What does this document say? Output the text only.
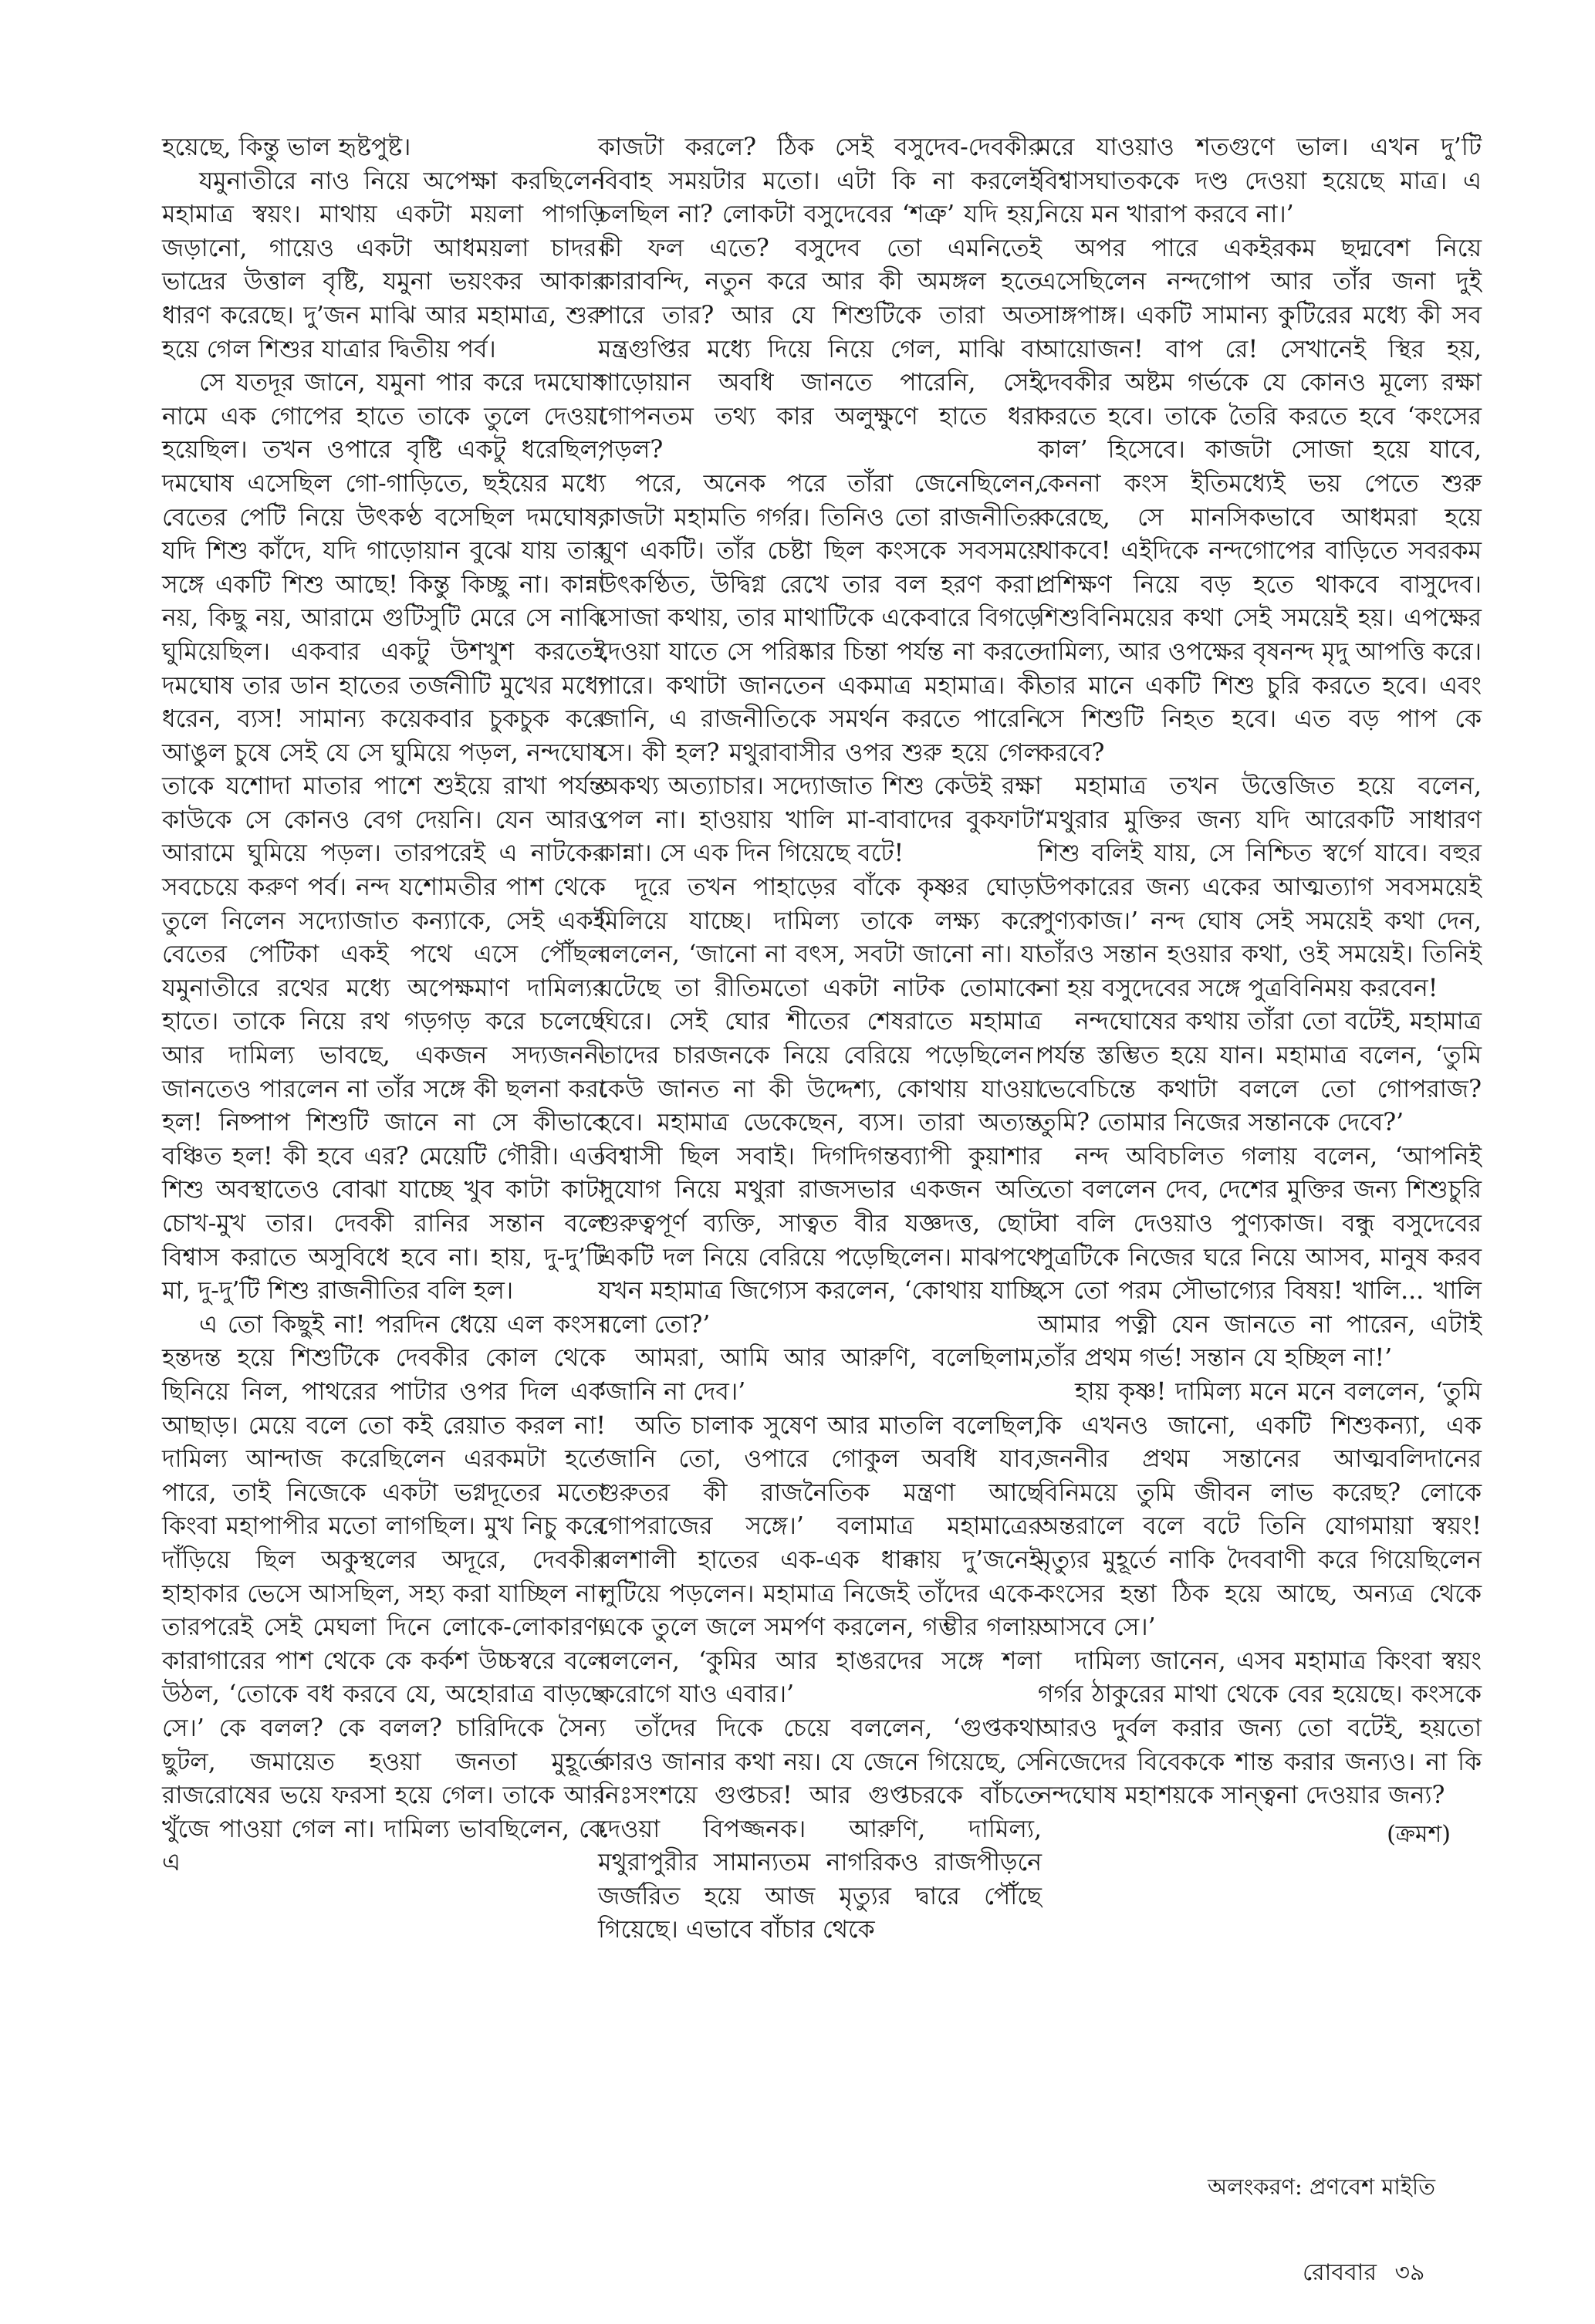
হয়েছে, কিন্তু ভাল হৃষ্টপুষ্ট।

যমুনাতীরে নাও নিয়ে অপেক্ষা করছিলেন মহামাত্র স্বয়ং। মাথায় একটা ময়লা পাগড়ি জড়ানো, গায়েও একটা আধময়লা চাদর। ভাদ্রের উত্তাল বৃষ্টি, যমুনা ভয়ংকর আকার ধারণ করেছে। দু’জন মাঝি আর মহামাত্র, শুরু হয়ে গেল শিশুর যাত্রার দ্বিতীয় পর্ব।

সে যতদূর জানে, যমুনা পার করে দমঘোষ নামে এক গোপের হাতে তাকে তুলে দেওয়া হয়েছিল। তখন ওপারে বৃষ্টি একটু ধরেছিল, দমঘোষ এসেছিল গো-গাড়িতে, ছইয়ের মধ্যে বেতের পেটি নিয়ে উৎকণ্ঠ বসেছিল দমঘোষ, যদি শিশু কাঁদে, যদি গাড়োয়ান বুঝে যায় তার সঙ্গে একটি শিশু আছে! কিন্তু কিচ্ছু না। কান্না নয়, কিছু নয়, আরামে গুটিসুটি মেরে সে নাকি ঘুমিয়েছিল। একবার একটু উশখুশ করতেই দমঘোষ তার ডান হাতের তর্জনীটি মুখের মধ্যে ধরেন, ব্যস! সামান্য কয়েকবার চুকচুক করে আঙুল চুষে সেই যে সে ঘুমিয়ে পড়ল, নন্দঘোষ তাকে যশোদা মাতার পাশে শুইয়ে রাখা পর্যন্ত কাউকে সে কোনও বেগ দেয়নি। যেন আরও আরামে ঘুমিয়ে পড়ল। তারপরেই এ নাটকের সবচেয়ে করুণ পর্ব। নন্দ যশোমতীর পাশ থেকে তুলে নিলেন সদ্যোজাত কন্যাকে, সেই একই বেতের পেটিকা একই পথে এসে পৌঁছল যমুনাতীরে রথের মধ্যে অপেক্ষমাণ দামিল্যর হাতে। তাকে নিয়ে রথ গড়গড় করে চলেছে আর দামিল্য ভাবছে, একজন সদ্যজননী জানতেও পারলেন না তাঁর সঙ্গে কী ছলনা করা হল! নিষ্পাপ শিশুটি জানে না সে কীভাবে বঞ্চিত হল! কী হবে এর? মেয়েটি গৌরী। এত শিশু অবস্থাতেও বোঝা যাচ্ছে খুব কাটা কাটা চোখ-মুখ তার। দেবকী রানির সন্তান বলে বিশ্বাস করাতে অসুবিধে হবে না। হায়, দু-দু’টি মা, দু-দু’টি শিশু রাজনীতির বলি হল।

এ তো কিছুই না! পরদিন ধেয়ে এল কংস। হন্তদন্ত হয়ে শিশুটিকে দেবকীর কোল থেকে ছিনিয়ে নিল, পাথরের পাটার ওপর দিল এক আছাড়। মেয়ে বলে তো কই রেয়াত করল না! দামিল্য আন্দাজ করেছিলেন এরকমটা হতে পারে, তাই নিজেকে একটা ভগ্নদূতের মতো কিংবা মহাপাপীর মতো লাগছিল। মুখ নিচু করে দাঁড়িয়ে ছিল অকুস্থলের অদূরে, দেবকীর হাহাকার ভেসে আসছিল, সহ্য করা যাচ্ছিল না। তারপরেই সেই মেঘলা দিনে লোকে-লোকারণ্য কারাগারের পাশ থেকে কে কর্কশ উচ্চস্বরে বলে উঠল, ‘তোকে বধ করবে যে, অহোরাত্র বাড়ছে সে।’ কে বলল? কে বলল? চারিদিকে সৈন্য ছুটল, জমায়েত হওয়া জনতা মুহূর্তে রাজরোষের ভয়ে ফরসা হয়ে গেল। তাকে আর খুঁজে পাওয়া গেল না। দামিল্য ভাবছিলেন, কে এ

কাজটা করলে? ঠিক সেই বসুদেব-দেবকীর বিবাহ সময়টার মতো। এটা কি না করলেই চলছিল না? লোকটা বসুদেবের ‘শত্রু’ যদি হয়, কী ফল এতে? বসুদেব তো এমনিতেই কারাবন্দি, নতুন করে আর কী অমঙ্গল হতে পারে তার? আর যে শিশুটিকে তারা অত মন্ত্রগুপ্তির মধ্যে দিয়ে নিয়ে গেল, মাঝি বা গাড়োয়ান অবধি জানতে পারেনি, সেই গোপনতম তথ্য কার অলুক্ষুণে হাতে ধরা পড়ল?

পরে, অনেক পরে তাঁরা জেনেছিলেন, কাজটা মহামতি গর্গর। তিনিও তো রাজনীতির ঘুণ একটি। তাঁর চেষ্টা ছিল কংসকে সবসময়ে উৎকণ্ঠিত, উদ্বিগ্ন রেখে তার বল হরণ করা। সোজা কথায়, তার মাথাটিকে একেবারে বিগড়ে দেওয়া যাতে সে পরিষ্কার চিন্তা পর্যন্ত না করতে পারে। কথাটা জানতেন একমাত্র মহামাত্র। কী জানি, এ রাজনীতিকে সমর্থন করতে পারেনি সে। কী হল? মথুরাবাসীর ওপর শুরু হয়ে গেল অকথ্য অত্যাচার। সদ্যোজাত শিশু কেউই রক্ষা পেল না। হাওয়ায় খালি মা-বাবাদের বুকফাটা কান্না। সে এক দিন গিয়েছে বটে!

দূরে তখন পাহাড়ের বাঁকে কৃষ্ণর ঘোড়া মিলিয়ে যাচ্ছে। দামিল্য তাকে লক্ষ্য করে বললেন, ‘জানো না বৎস, সবটা জানো না। যা ঘটেছে তা রীতিমতো একটা নাটক তোমাকে ঘিরে। সেই ঘোর শীতের শেষরাতে মহামাত্র তাদের চারজনকে নিয়ে বেরিয়ে পড়েছিলেন। কেউ জানত না কী উদ্দেশ্য, কোথায় যাওয়া হবে। মহামাত্র ডেকেছেন, ব্যস। তারা অত্যন্ত বিশ্বাসী ছিল সবাই। দিগদিগন্তব্যাপী কুয়াশার সুযোগ নিয়ে মথুরা রাজসভার একজন অতি গুরুত্বপূর্ণ ব্যক্তি, সাত্বত বীর যজ্ঞদত্ত, ছোট একটি দল নিয়ে বেরিয়ে পড়েছিলেন। মাঝপথে যখন মহামাত্র জিগ্যেস করলেন, ‘কোথায় যাচ্ছি বলো তো?’

আমরা, আমি আর আরুণি, বলেছিলাম, ‘জানি না দেব।’

অতি চালাক সুষেণ আর মাতলি বলেছিল, ‘জানি তো, ওপারে গোকুল অবধি যাব, গুরুতর কী রাজনৈতিক মন্ত্রণা আছে গোপরাজের সঙ্গে।’ বলামাত্র মহামাত্রের বলশালী হাতের এক-এক ধাক্কায় দু’জনেই লুটিয়ে পড়লেন। মহামাত্র নিজেই তাঁদের একে-একে তুলে জলে সমর্পণ করলেন, গম্ভীর গলায় বললেন, ‘কুমির আর হাঙরদের সঙ্গে শলা করোগে যাও এবার।’

তাঁদের দিকে চেয়ে বললেন, ‘গুপ্তকথা কারও জানার কথা নয়। যে জেনে গিয়েছে, সে নিঃসংশয়ে গুপ্তচর! আর গুপ্তচরকে বাঁচতে দেওয়া বিপজ্জনক। আরুণি, দামিল্য, মথুরাপুরীর সামান্যতম নাগরিকও রাজপীড়নে জর্জরিত হয়ে আজ মৃত্যুর দ্বারে পৌঁছে গিয়েছে। এভাবে বাঁচার থেকে

মরে যাওয়াও শতগুণে ভাল। এখন দু’টি বিশ্বাসঘাতককে দণ্ড দেওয়া হয়েছে মাত্র। এ নিয়ে মন খারাপ করবে না।’

অপর পারে একইরকম ছদ্মবেশ নিয়ে এসেছিলেন নন্দগোপ আর তাঁর জনা দুই সাঙ্গপাঙ্গ। একটি সামান্য কুটিরের মধ্যে কী সব আয়োজন! বাপ রে! সেখানেই স্থির হয়, দেবকীর অষ্টম গর্ভকে যে কোনও মূল্যে রক্ষা করতে হবে। তাকে তৈরি করতে হবে ‘কংসের কাল’ হিসেবে। কাজটা সোজা হয়ে যাবে, কেননা কংস ইতিমধ্যেই ভয় পেতে শুরু করেছে, সে মানসিকভাবে আধমরা হয়ে থাকবে! এইদিকে নন্দগোপের বাড়িতে সবরকম প্রশিক্ষণ নিয়ে বড় হতে থাকবে বাসুদেব। শিশুবিনিময়ের কথা সেই সময়েই হয়। এপক্ষের দামিল্য, আর ওপক্ষের বৃষনন্দ মৃদু আপত্তি করে। তার মানে একটি শিশু চুরি করতে হবে। এবং সে শিশুটি নিহত হবে। এত বড় পাপ কে করবে?

মহামাত্র তখন উত্তেজিত হয়ে বলেন, ‘মথুরার মুক্তির জন্য যদি আরেকটি সাধারণ শিশু বলিই যায়, সে নিশ্চিত স্বর্গে যাবে। বহুর উপকারের জন্য একের আত্মত্যাগ সবসময়েই পুণ্যকাজ।’ নন্দ ঘোষ সেই সময়েই কথা দেন, তাঁরও সন্তান হওয়ার কথা, ওই সময়েই। তিনিই না হয় বসুদেবের সঙ্গে পুত্রবিনিময় করবেন!

নন্দঘোষের কথায় তাঁরা তো বটেই, মহামাত্র পর্যন্ত স্তম্ভিত হয়ে যান। মহামাত্র বলেন, ‘তুমি ভেবেচিন্তে কথাটা বললে তো গোপরাজ? তুমি? তোমার নিজের সন্তানকে দেবে?’

নন্দ অবিচলিত গলায় বলেন, ‘আপনিই তো বললেন দেব, দেশের মুক্তির জন্য শিশুচুরি বা বলি দেওয়াও পুণ্যকাজ। বন্ধু বসুদেবের পুত্রটিকে নিজের ঘরে নিয়ে আসব, মানুষ করব সে তো পরম সৌভাগ্যের বিষয়! খালি... খালি আমার পত্নী যেন জানতে না পারেন, এটাই তাঁর প্রথম গর্ভ! সন্তান যে হচ্ছিল না!’

হায় কৃষ্ণ! দামিল্য মনে মনে বললেন, ‘তুমি কি এখনও জানো, একটি শিশুকন্যা, এক জননীর প্রথম সন্তানের আত্মবলিদানের বিনিময়ে তুমি জীবন লাভ করেছ? লোকে অন্তরালে বলে বটে তিনি যোগমায়া স্বয়ং! মৃত্যুর মুহূর্তে নাকি দৈববাণী করে গিয়েছিলেন কংসের হন্তা ঠিক হয়ে আছে, অন্যত্র থেকে আসবে সে।’

দামিল্য জানেন, এসব মহামাত্র কিংবা স্বয়ং গর্গর ঠাকুরের মাথা থেকে বের হয়েছে। কংসকে আরও দুর্বল করার জন্য তো বটেই, হয়তো নিজেদের বিবেককে শান্ত করার জন্যও। না কি নন্দঘোষ মহাশয়কে সান্ত্বনা দেওয়ার জন্য?

(ক্রমশ)
অলংকরণ: প্রণবেশ মাইতি
রোববার ৩৯
